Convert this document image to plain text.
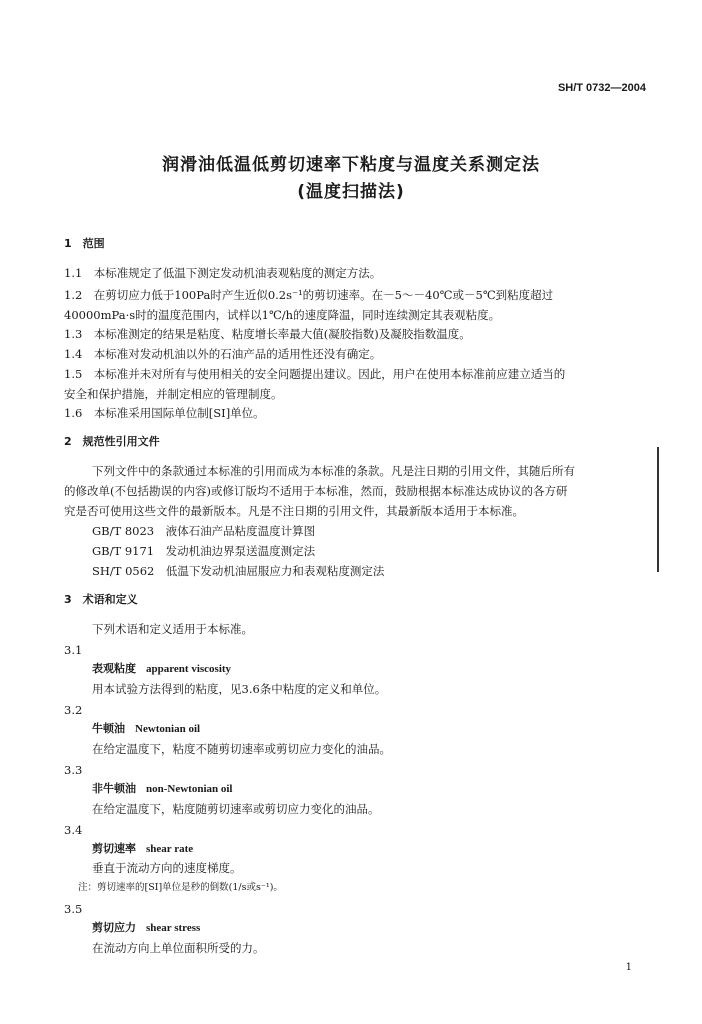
SH/T 0732—2004
润滑油低温低剪切速率下粘度与温度关系测定法
(温度扫描法)
1　范围
1.1　本标准规定了低温下测定发动机油表观粘度的测定方法。
1.2　在剪切应力低于100Pa时产生近似0.2s⁻¹的剪切速率。在－5～－40℃或－5℃到粘度超过
40000mPa·s时的温度范围内，试样以1℃/h的速度降温，同时连续测定其表观粘度。
1.3　本标准测定的结果是粘度、粘度增长率最大值(凝胶指数)及凝胶指数温度。
1.4　本标准对发动机油以外的石油产品的适用性还没有确定。
1.5　本标准并未对所有与使用相关的安全问题提出建议。因此，用户在使用本标准前应建立适当的
安全和保护措施，并制定相应的管理制度。
1.6　本标准采用国际单位制[SI]单位。
2　规范性引用文件
下列文件中的条款通过本标准的引用而成为本标准的条款。凡是注日期的引用文件，其随后所有
的修改单(不包括勘误的内容)或修订版均不适用于本标准，然而，鼓励根据本标准达成协议的各方研
究是否可使用这些文件的最新版本。凡是不注日期的引用文件，其最新版本适用于本标准。
GB/T 8023　液体石油产品粘度温度计算图
GB/T 9171　发动机油边界泵送温度测定法
SH/T 0562　低温下发动机油屈服应力和表观粘度测定法
3　术语和定义
下列术语和定义适用于本标准。
3.1
表观粘度 apparent viscosity
用本试验方法得到的粘度，见3.6条中粘度的定义和单位。
3.2
牛顿油 Newtonian oil
在给定温度下，粘度不随剪切速率或剪切应力变化的油品。
3.3
非牛顿油 non-Newtonian oil
在给定温度下，粘度随剪切速率或剪切应力变化的油品。
3.4
剪切速率 shear rate
垂直于流动方向的速度梯度。
注：剪切速率的[SI]单位是秒的倒数(1/s或s⁻¹)。
3.5
剪切应力 shear stress
在流动方向上单位面积所受的力。
1
